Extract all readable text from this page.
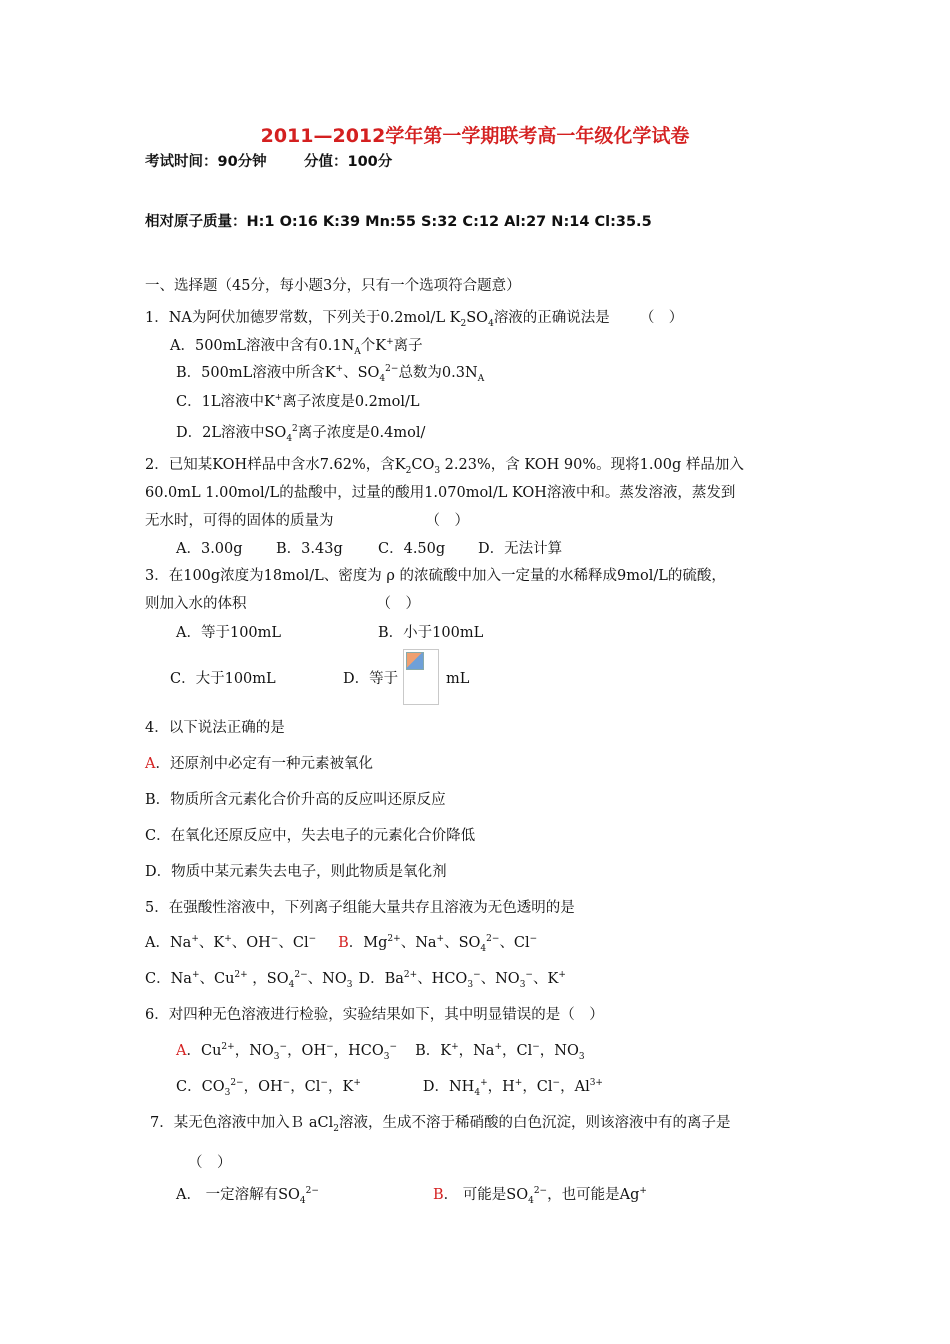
2011—2012学年第一学期联考高一年级化学试卷
考试时间：90分钟	分值：100分
相对原子质量：H:1 O:16 K:39 Mn:55 S:32 C:12 Al:27 N:14 Cl:35.5
一、选择题（45分，每小题3分，只有一个选项符合题意）
1．NA为阿伏加德罗常数，下列关于0.2mol/L $K_2SO_4$溶液的正确说法是 （　）
A．500mL溶液中含有$0.1N_A$个K+离子
B．500mL溶液中所含K+、$SO_4^{2-}$总数为$0.3N_A$
C．1L溶液中K+离子浓度是0.2mol/L
D．2L溶液中$SO_4^2$离子浓度是0.4mol/
2．已知某KOH样品中含水7.62%，含$K_2CO_3$ 2.23%，含 KOH 90%。现将1.00g 样品加入
60.0mL 1.00mol/L的盐酸中，过量的酸用1.070mol/L KOH溶液中和。蒸发溶液，蒸发到
无水时，可得的固体的质量为	（　）
A．3.00g B．3.43g C．4.50g D．无法计算
3．在100g浓度为18mol/L、密度为 ρ 的浓硫酸中加入一定量的水稀释成9mol/L的硫酸，
则加入水的体积	（　）
A．等于100mL	B．小于100mL
C．大于100mL	D．等于	mL
4．以下说法正确的是
A．还原剂中必定有一种元素被氧化
B．物质所含元素化合价升高的反应叫还原反应
C．在氧化还原反应中，失去电子的元素化合价降低
D．物质中某元素失去电子，则此物质是氧化剂
5．在强酸性溶液中，下列离子组能大量共存且溶液为无色透明的是
A．Na+、K+、OH−、Cl− B．$Mg^{2+}$、Na+、$SO_4^{2-}$、Cl−
C．Na+、$Cu^{2+}$ ，$SO_4^{2-}$、$NO_3$ D．$Ba^{2+}$、$HCO_3^-$、$NO_3^-$、K+
6．对四种无色溶液进行检验，实验结果如下，其中明显错误的是（　）
A．$Cu^{2+}$，$NO_3^-$，OH−，$HCO_3^-$ B．K+，Na+，Cl−，$NO_3$
C．$CO_3^{2-}$，OH−，Cl−，K+	D．$NH_4^+$，H+，Cl−，$Al^{3+}$
7．某无色溶液中加入Ｂ aCl$_2$溶液，生成不溶于稀硝酸的白色沉淀，则该溶液中有的离子是
（　）
A． 一定溶解有$SO_4^{2-}$	B． 可能是$SO_4^{2-}$，也可能是Ag+
